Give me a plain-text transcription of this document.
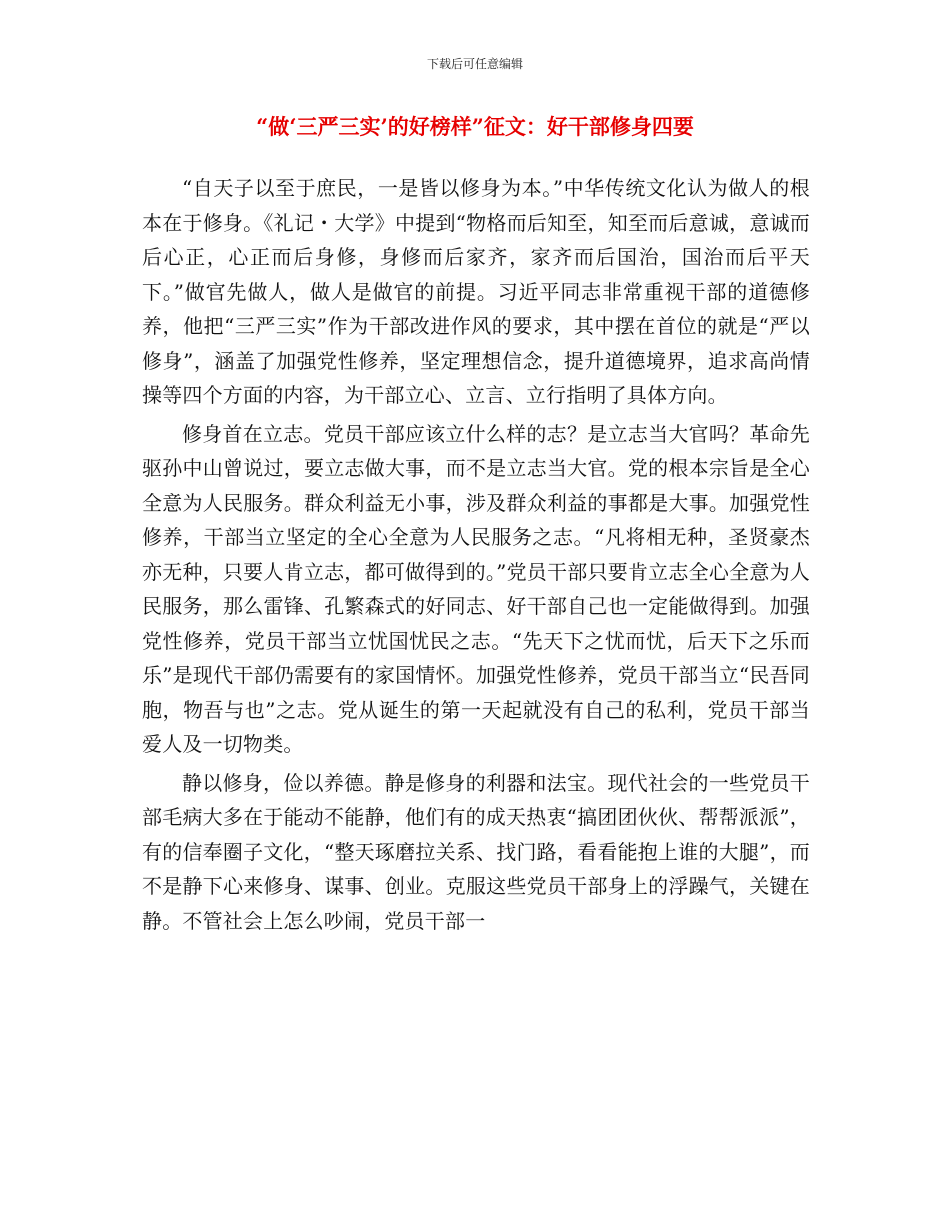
下载后可任意编辑
“做‘三严三实’的好榜样”征文：好干部修身四要

“自天子以至于庶民，一是皆以修身为本。”中华传统文化认为做人的根本在于修身。《礼记・大学》中提到“物格而后知至，知至而后意诚，意诚而后心正，心正而后身修，身修而后家齐，家齐而后国治，国治而后平天下。”做官先做人，做人是做官的前提。习近平同志非常重视干部的道德修养，他把“三严三实”作为干部改进作风的要求，其中摆在首位的就是“严以修身”，涵盖了加强党性修养，坚定理想信念，提升道德境界，追求高尚情操等四个方面的内容，为干部立心、立言、立行指明了具体方向。

修身首在立志。党员干部应该立什么样的志？是立志当大官吗？革命先驱孙中山曾说过，要立志做大事，而不是立志当大官。党的根本宗旨是全心全意为人民服务。群众利益无小事，涉及群众利益的事都是大事。加强党性修养，干部当立坚定的全心全意为人民服务之志。“凡将相无种，圣贤豪杰亦无种，只要人肯立志，都可做得到的。”党员干部只要肯立志全心全意为人民服务，那么雷锋、孔繁森式的好同志、好干部自己也一定能做得到。加强党性修养，党员干部当立忧国忧民之志。“先天下之忧而忧，后天下之乐而乐”是现代干部仍需要有的家国情怀。加强党性修养，党员干部当立“民吾同胞，物吾与也”之志。党从诞生的第一天起就没有自己的私利，党员干部当爱人及一切物类。

静以修身，俭以养德。静是修身的利器和法宝。现代社会的一些党员干部毛病大多在于能动不能静，他们有的成天热衷“搞团团伙伙、帮帮派派”，有的信奉圈子文化，“整天琢磨拉关系、找门路，看看能抱上谁的大腿”，而不是静下心来修身、谋事、创业。克服这些党员干部身上的浮躁气，关键在静。不管社会上怎么吵闹，党员干部一
